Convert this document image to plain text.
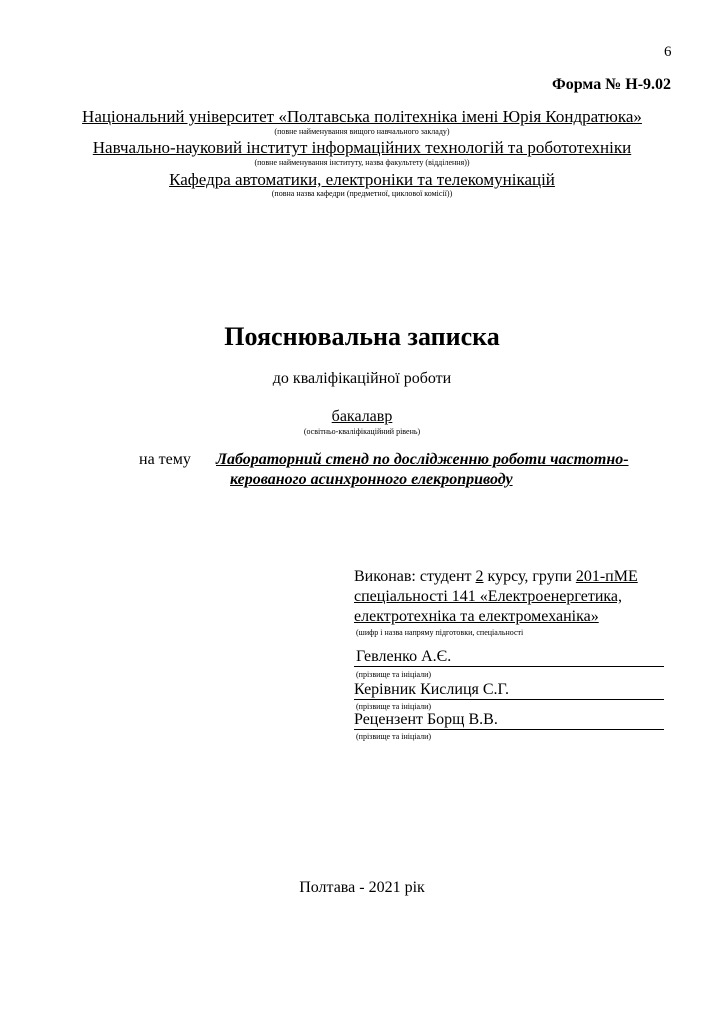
6
Форма № Н-9.02
Національний університет «Полтавська політехніка імені Юрія Кондратюка»
(повне найменування вищого навчального закладу)
Навчально-науковий інститут інформаційних технологій та робототехніки
(повне найменування інституту, назва факультету (відділення))
Кафедра автоматики, електроніки та телекомунікацій
(повна назва кафедри (предметної, циклової комісії))
Пояснювальна записка
до кваліфікаційної роботи
бакалавр
(освітньо-кваліфікаційний рівень)
на тему Лабораторний стенд по дослідженню роботи частотно-
керованого асинхронного елекроприводу
Виконав: студент 2 курсу, групи 201-пМЕ
спеціальності 141 «Електроенергетика,
електротехніка та електромеханіка»
(шифр і назва напряму підготовки, спеціальності
Гевленко А.Є.
(прізвище та ініціали)
Керівник Кислиця С.Г.
(прізвище та ініціали)
Рецензент Борщ В.В.
(прізвище та ініціали)
Полтава - 2021 рік
